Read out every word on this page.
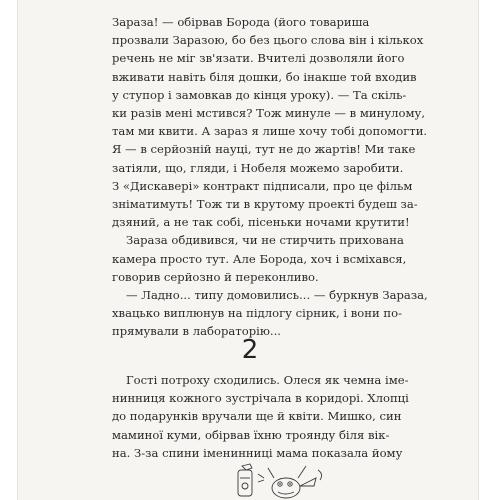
Зараза! — обірвав Борода (його товариша
прозвали Заразою, бо без цього слова він і кількох
речень не міг зв'язати. Вчителі дозволяли його
вживати навіть біля дошки, бо інакше той входив
у ступор і замовкав до кінця уроку). — Та скіль-
ки разів мені мстився? Тож минуле — в минулому,
там ми квити. А зараз я лише хочу тобі допомогти.
Я — в серйозній науці, тут не до жартів! Ми таке
затіяли, що, гляди, і Нобеля можемо заробити.
З «Дискавері» контракт підписали, про це фільм
зніматимуть! Тож ти в крутому проекті будеш за-
дзяний, а не так собі, пісеньки ночами крутити!
Зараза обдивився, чи не стирчить прихована
камера просто тут. Але Борода, хоч і всміхався,
говорив серйозно й переконливо.
— Ладно... типу домовились... — буркнув Зараза,
хвацько виплюнув на підлогу сірник, і вони по-
прямували в лабораторію...
2
Гості потроху сходились. Олеся як чемна іме-
нинниця кожного зустрічала в коридорі. Хлопці
до подарунків вручали ще й квіти. Мишко, син
маминої куми, обірвав їхню троянду біля вік-
на. З-за спини іменинниці мама показала йому
